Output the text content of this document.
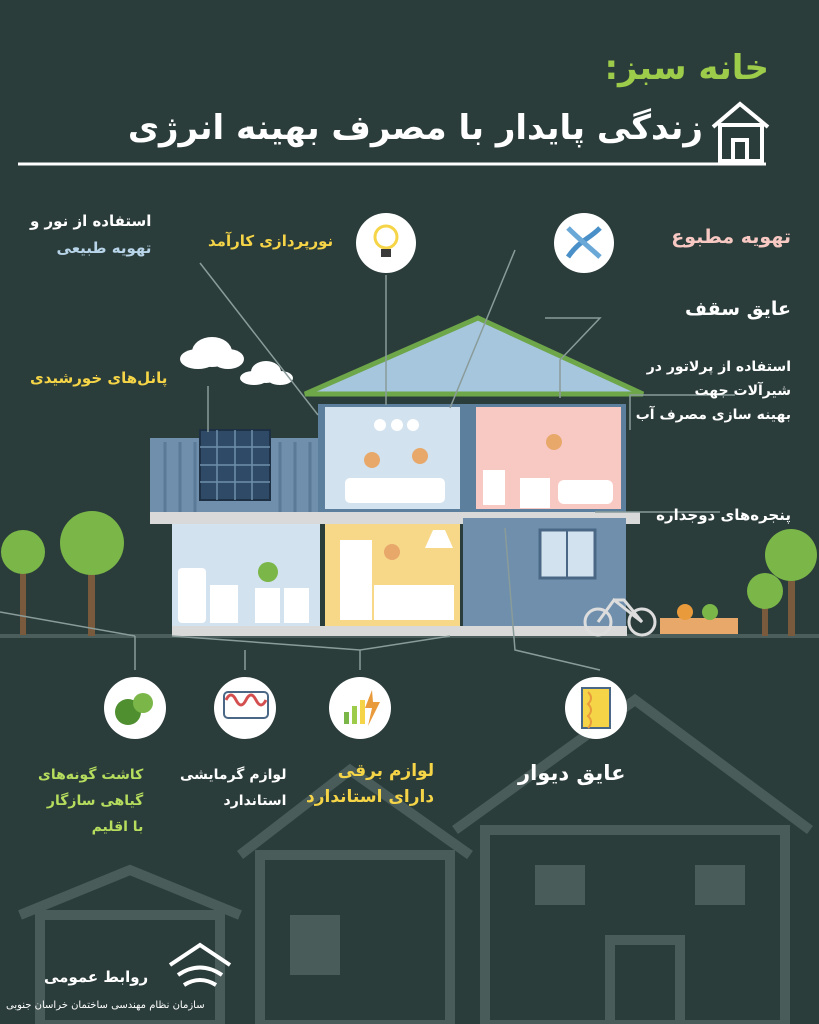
خانه سبز:
زندگی پایدار با مصرف بهینه انرژی
تهویه مطبوع
عایق سقف
استفاده از پرلاتور در
شیرآلات جهت
بهینه سازی مصرف آب
پنجره‌های دوجداره
استفاده از نور و
تهویه طبیعی	نورپردازی کارآمد
پانل‌های خورشیدی
عایق دیوار
لوازم برقی
دارای استاندارد
لوازم گرمایشی
استاندارد
کاشت گونه‌های
گیاهی سازگار
با اقلیم
روابط عمومی
سازمان نظام مهندسی ساختمان خراسان جنوبی
